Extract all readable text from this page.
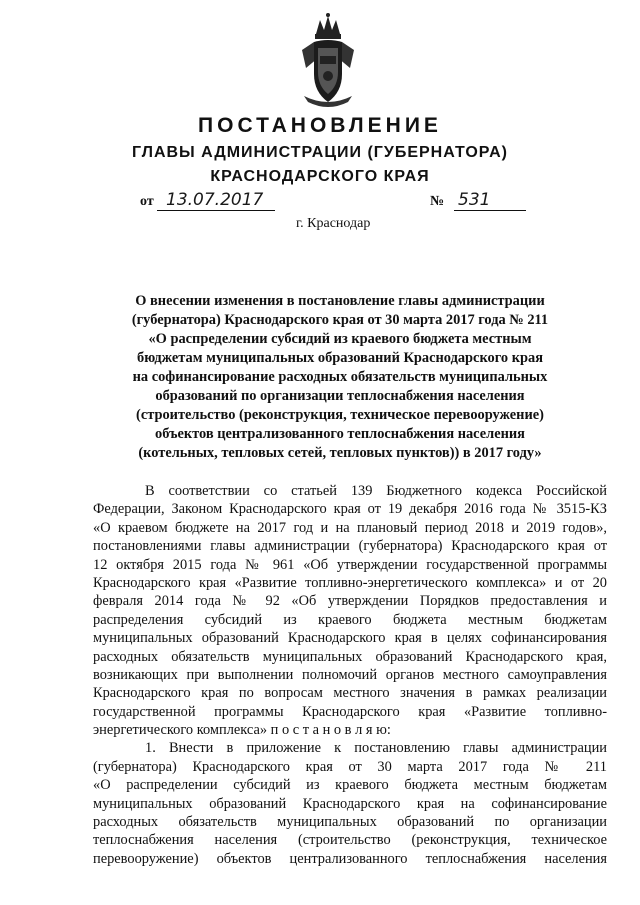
ПОСТАНОВЛЕНИЕ
ГЛАВЫ АДМИНИСТРАЦИИ (ГУБЕРНАТОРА)
КРАСНОДАРСКОГО КРАЯ
от 13.07.2017	№ 531
г. Краснодар
О внесении изменения в постановление главы администрации
(губернатора) Краснодарского края от 30 марта 2017 года № 211
«О распределении субсидий из краевого бюджета местным
бюджетам муниципальных образований Краснодарского края
на софинансирование расходных обязательств муниципальных
образований по организации теплоснабжения населения
(строительство (реконструкция, техническое перевооружение)
объектов централизованного теплоснабжения населения
(котельных, тепловых сетей, тепловых пунктов)) в 2017 году»
В соответствии со статьей 139 Бюджетного кодекса Российской
Федерации, Законом Краснодарского края от 19 декабря 2016 года № 3515-КЗ
«О краевом бюджете на 2017 год и на плановый период 2018 и 2019 годов»,
постановлениями главы администрации (губернатора) Краснодарского края от
12 октября 2015 года № 961 «Об утверждении государственной программы
Краснодарского края «Развитие топливно-энергетического комплекса» и от 20
февраля 2014 года № 92 «Об утверждении Порядков предоставления и
распределения субсидий из краевого бюджета местным бюджетам
муниципальных образований Краснодарского края в целях софинансирования
расходных обязательств муниципальных образований Краснодарского края,
возникающих при выполнении полномочий органов местного самоуправления
Краснодарского края по вопросам местного значения в рамках реализации
государственной программы Краснодарского края «Развитие топливно-
энергетического комплекса» п о с т а н о в л я ю:
1. Внести в приложение к постановлению главы администрации
(губернатора) Краснодарского края от 30 марта 2017 года № 211
«О распределении субсидий из краевого бюджета местным бюджетам
муниципальных образований Краснодарского края на софинансирование
расходных обязательств муниципальных образований по организации
теплоснабжения населения (строительство (реконструкция, техническое
перевооружение) объектов централизованного теплоснабжения населения
